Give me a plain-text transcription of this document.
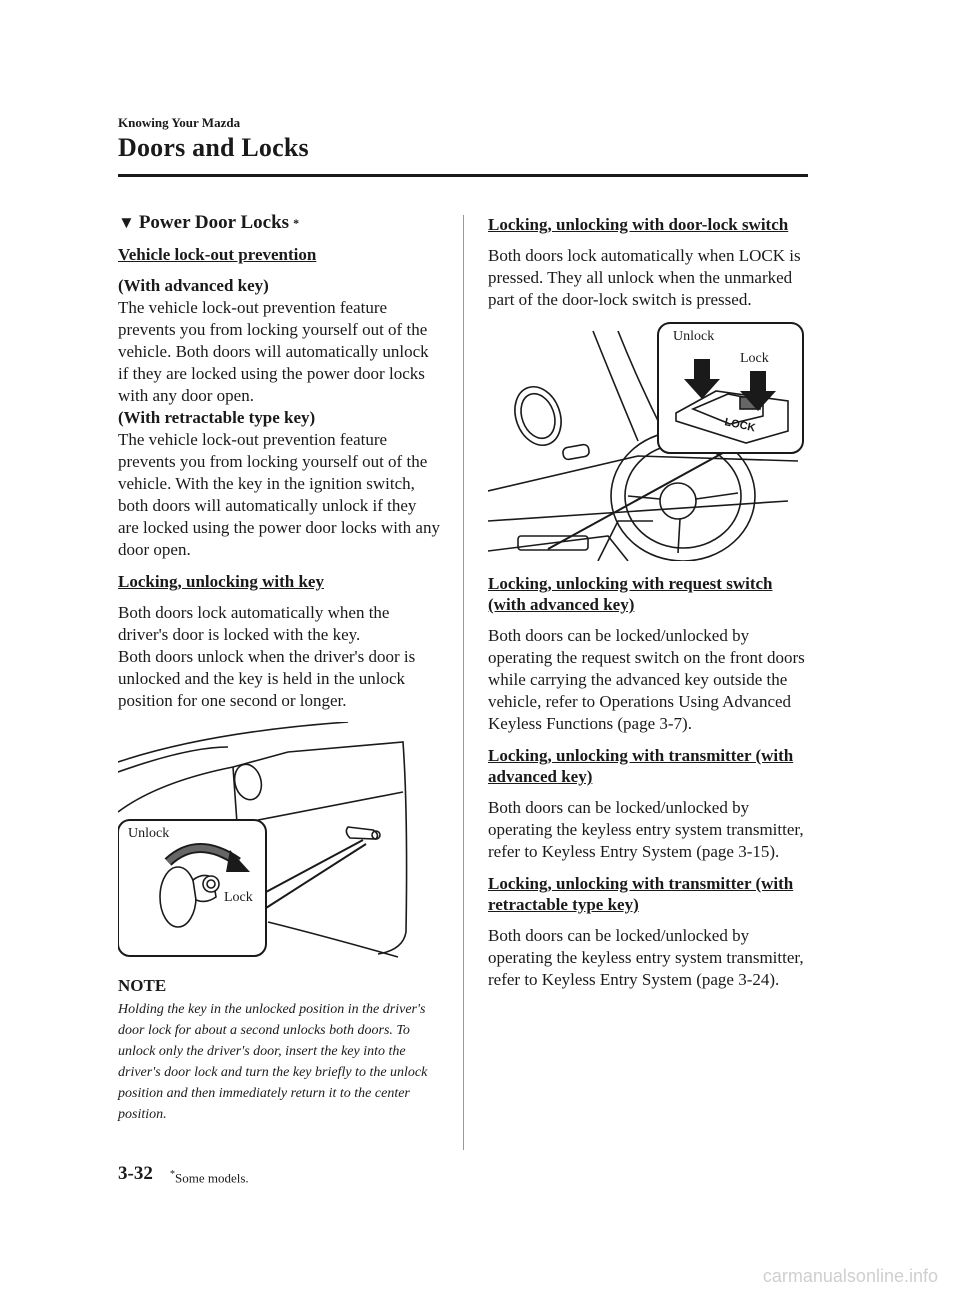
Knowing Your Mazda
Doors and Locks
▼ Power Door Locks *
Vehicle lock-out prevention
(With advanced key)
The vehicle lock-out prevention feature prevents you from locking yourself out of the vehicle. Both doors will automatically unlock if they are locked using the power door locks with any door open.
(With retractable type key)
The vehicle lock-out prevention feature prevents you from locking yourself out of the vehicle. With the key in the ignition switch, both doors will automatically unlock if they are locked using the power door locks with any door open.
Locking, unlocking with key
Both doors lock automatically when the driver's door is locked with the key.
Both doors unlock when the driver's door is unlocked and the key is held in the unlock position for one second or longer.
Unlock
Lock
NOTE
Holding the key in the unlocked position in the driver's door lock for about a second unlocks both doors. To unlock only the driver's door, insert the key into the driver's door lock and turn the key briefly to the unlock position and then immediately return it to the center position.
Locking, unlocking with door-lock switch
Both doors lock automatically when LOCK is pressed. They all unlock when the unmarked part of the door-lock switch is pressed.
LOCK
Unlock
Lock
Locking, unlocking with request switch (with advanced key)
Both doors can be locked/unlocked by operating the request switch on the front doors while carrying the advanced key outside the vehicle, refer to Operations Using Advanced Keyless Functions (page 3-7).
Locking, unlocking with transmitter (with advanced key)
Both doors can be locked/unlocked by operating the keyless entry system transmitter, refer to Keyless Entry System (page 3-15).
Locking, unlocking with transmitter (with retractable type key)
Both doors can be locked/unlocked by operating the keyless entry system transmitter, refer to Keyless Entry System (page 3-24).
3-32 *Some models.
carmanualsonline.info
